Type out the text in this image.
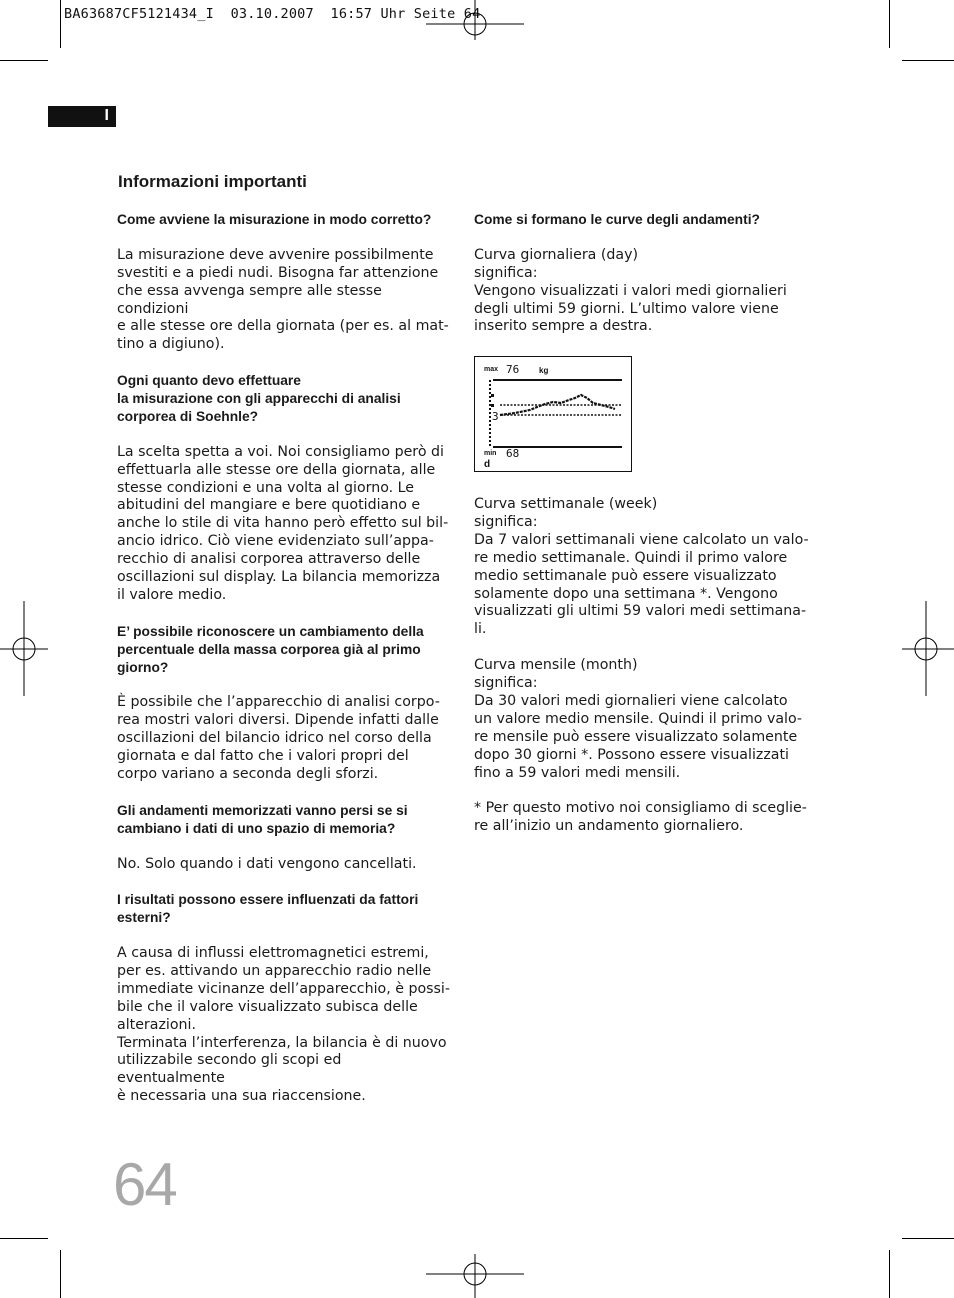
BA63687CF5121434_I 03.10.2007 16:57 Uhr Seite 64
I
Informazioni importanti

Come avviene la misurazione in modo corretto?

La misurazione deve avvenire possibilmente
svestiti e a piedi nudi. Bisogna far attenzione
che essa avvenga sempre alle stesse condizioni
e alle stesse ore della giornata (per es. al mat-
tino a digiuno).

Ogni quanto devo effettuare
la misurazione con gli apparecchi di analisi
corporea di Soehnle?

La scelta spetta a voi. Noi consigliamo però di
effettuarla alle stesse ore della giornata, alle
stesse condizioni e una volta al giorno. Le
abitudini del mangiare e bere quotidiano e
anche lo stile di vita hanno però effetto sul bil-
ancio idrico. Ciò viene evidenziato sull’appa-
recchio di analisi corporea attraverso delle
oscillazioni sul display. La bilancia memorizza
il valore medio.

E’ possibile riconoscere un cambiamento della
percentuale della massa corporea già al primo
giorno?

È possibile che l’apparecchio di analisi corpo-
rea mostri valori diversi. Dipende infatti dalle
oscillazioni del bilancio idrico nel corso della
giornata e dal fatto che i valori propri del
corpo variano a seconda degli sforzi.

Gli andamenti memorizzati vanno persi se si
cambiano i dati di uno spazio di memoria?

No. Solo quando i dati vengono cancellati.

I risultati possono essere influenzati da fattori
esterni?

A causa di influssi elettromagnetici estremi,
per es. attivando un apparecchio radio nelle
immediate vicinanze dell’apparecchio, è possi-
bile che il valore visualizzato subisca delle
alterazioni.

Terminata l’interferenza, la bilancia è di nuovo
utilizzabile secondo gli scopi ed eventualmente
è necessaria una sua riaccensione.

Come si formano le curve degli andamenti?

Curva giornaliera (day)
significa:
Vengono visualizzati i valori medi giornalieri
degli ultimi 59 giorni. L’ultimo valore viene
inserito sempre a destra.

max 76 kg
3
min 68
d

Curva settimanale (week)
significa:
Da 7 valori settimanali viene calcolato un valo-
re medio settimanale. Quindi il primo valore
medio settimanale può essere visualizzato
solamente dopo una settimana *. Vengono
visualizzati gli ultimi 59 valori medi settimana-
li.

Curva mensile (month)
significa:
Da 30 valori medi giornalieri viene calcolato
un valore medio mensile. Quindi il primo valo-
re mensile può essere visualizzato solamente
dopo 30 giorni *. Possono essere visualizzati
fino a 59 valori medi mensili.

* Per questo motivo noi consigliamo di sceglie-
re all’inizio un andamento giornaliero.

64
